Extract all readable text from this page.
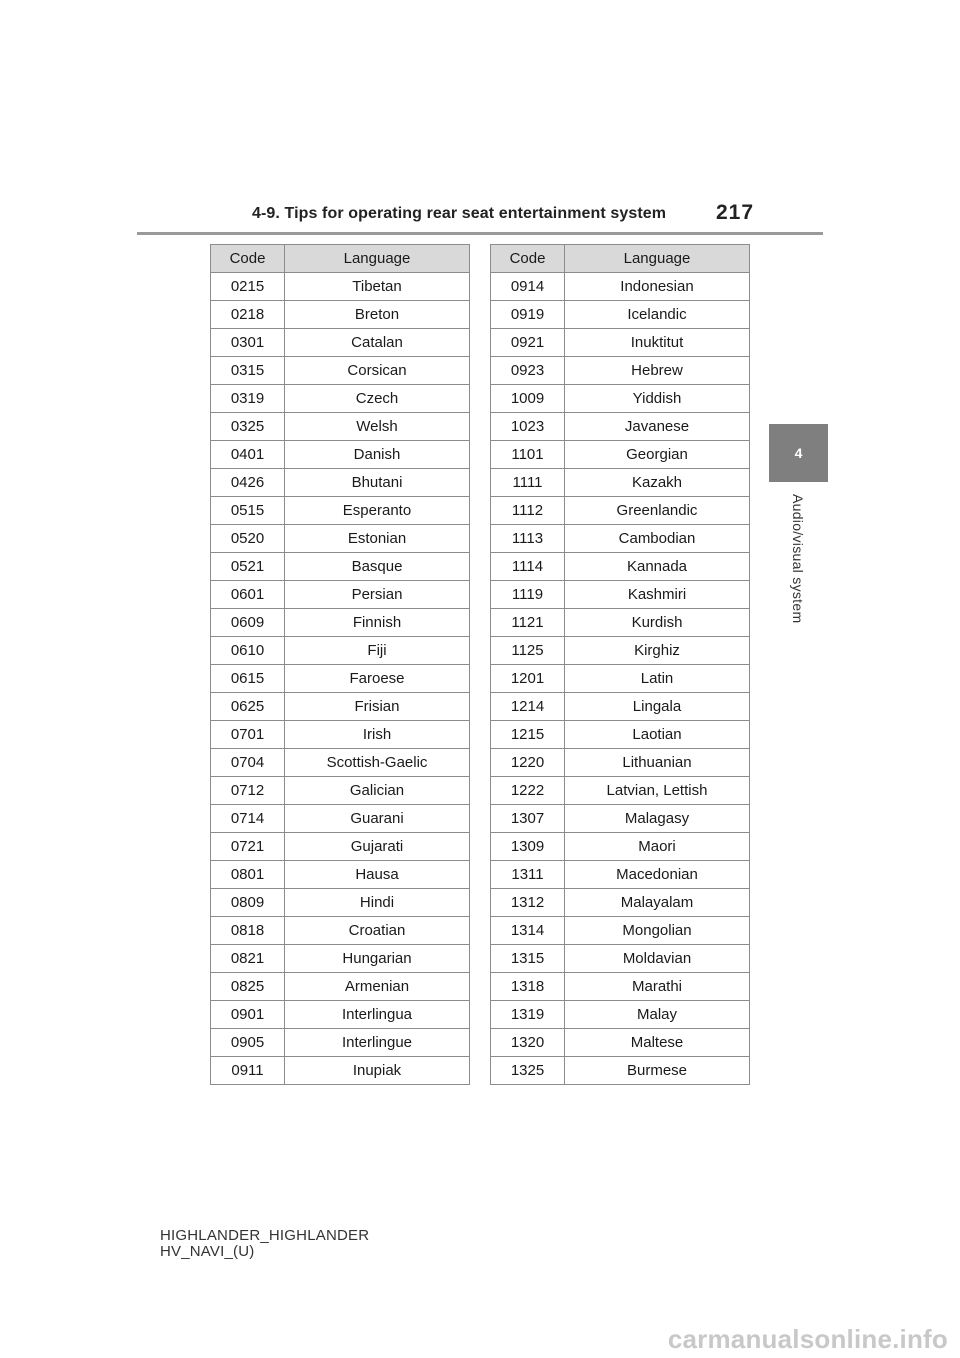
4-9. Tips for operating rear seat entertainment system 217
4
Audio/visual system
Code	Language
0215	Tibetan
0218	Breton
0301	Catalan
0315	Corsican
0319	Czech
0325	Welsh
0401	Danish
0426	Bhutani
0515	Esperanto
0520	Estonian
0521	Basque
0601	Persian
0609	Finnish
0610	Fiji
0615	Faroese
0625	Frisian
0701	Irish
0704	Scottish-Gaelic
0712	Galician
0714	Guarani
0721	Gujarati
0801	Hausa
0809	Hindi
0818	Croatian
0821	Hungarian
0825	Armenian
0901	Interlingua
0905	Interlingue
0911	Inupiak
Code	Language
0914	Indonesian
0919	Icelandic
0921	Inuktitut
0923	Hebrew
1009	Yiddish
1023	Javanese
1101	Georgian
1111	Kazakh
1112	Greenlandic
1113	Cambodian
1114	Kannada
1119	Kashmiri
1121	Kurdish
1125	Kirghiz
1201	Latin
1214	Lingala
1215	Laotian
1220	Lithuanian
1222	Latvian, Lettish
1307	Malagasy
1309	Maori
1311	Macedonian
1312	Malayalam
1314	Mongolian
1315	Moldavian
1318	Marathi
1319	Malay
1320	Maltese
1325	Burmese
HIGHLANDER_HIGHLANDER
HV_NAVI_(U)
carmanualsonline.info
